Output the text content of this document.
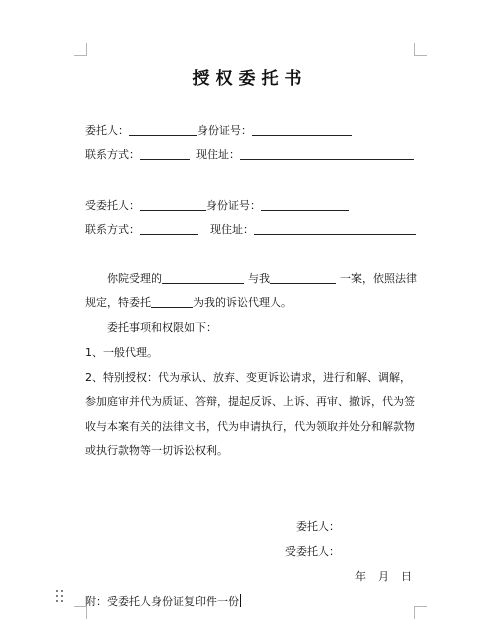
授权委托书
委托人：	身份证号：
联系方式：	现住址：
受委托人：	身份证号：
联系方式：	现住址：
你院受理的	与我	一案，依照法律
规定，特委托	为我的诉讼代理人。
委托事项和权限如下：
1、一般代理。
2、特别授权：代为承认、放弃、变更诉讼请求，进行和解、调解，
参加庭审并代为质证、答辩，提起反诉、上诉、再审、撤诉，代为签
收与本案有关的法律文书，代为申请执行，代为领取并处分和解款物
或执行款物等一切诉讼权利。
委托人：
受委托人：
年 月 日
附：受委托人身份证复印件一份
